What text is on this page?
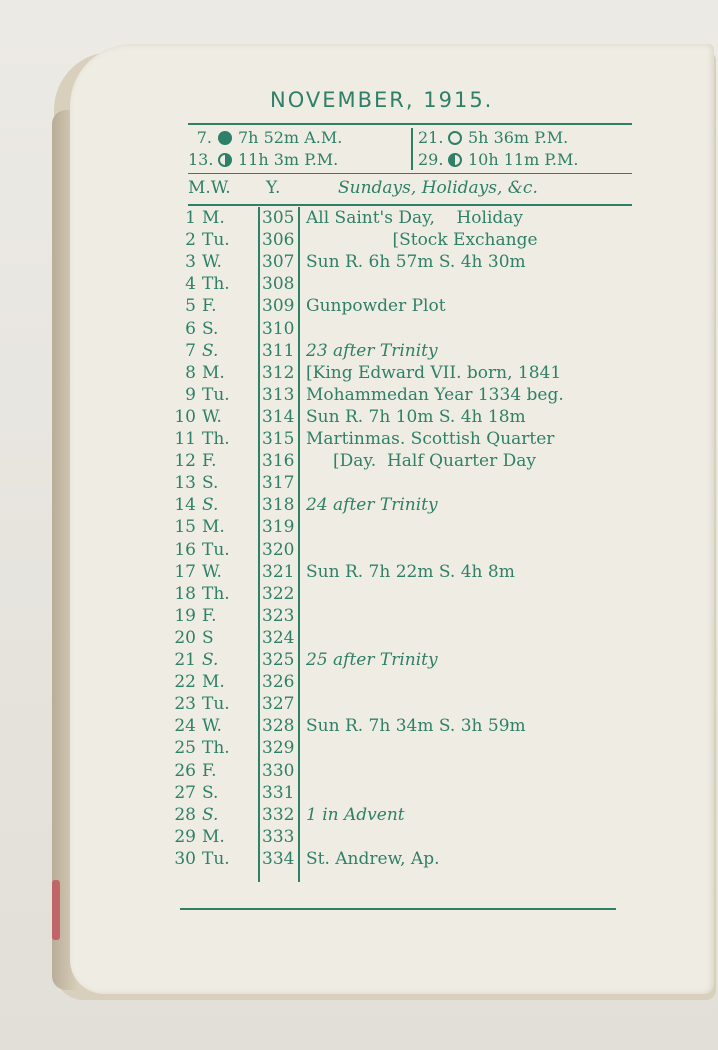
NOVEMBER, 1915.
7. 7h 52m A.M.	21. 5h 36m P.M.
13. 11h 3m P.M.	29. 10h 11m P.M.
M.W. Y.	Sundays, Holidays, &c.
1 M.	305 All Saint's Day,    Holiday
2 Tu.	306 [Stock Exchange
3 W.	307 Sun R. 6h 57m S. 4h 30m
4 Th.	308
5 F.	309 Gunpowder Plot
6 S.	310
7 S.	311 23 after Trinity
8 M.	312 [King Edward VII. born, 1841
9 Tu.	313 Mohammedan Year 1334 beg.
10 W.	314 Sun R. 7h 10m S. 4h 18m
11 Th.	315 Martinmas. Scottish Quarter
12 F.	316 [Day.  Half Quarter Day
13 S.	317
14 S.	318 24 after Trinity
15 M.	319
16 Tu.	320
17 W.	321 Sun R. 7h 22m S. 4h 8m
18 Th.	322
19 F.	323
20 S	324
21 S.	325 25 after Trinity
22 M.	326
23 Tu.	327
24 W.	328 Sun R. 7h 34m S. 3h 59m
25 Th.	329
26 F.	330
27 S.	331
28 S.	332 1 in Advent
29 M.	333
30 Tu.	334 St. Andrew, Ap.
